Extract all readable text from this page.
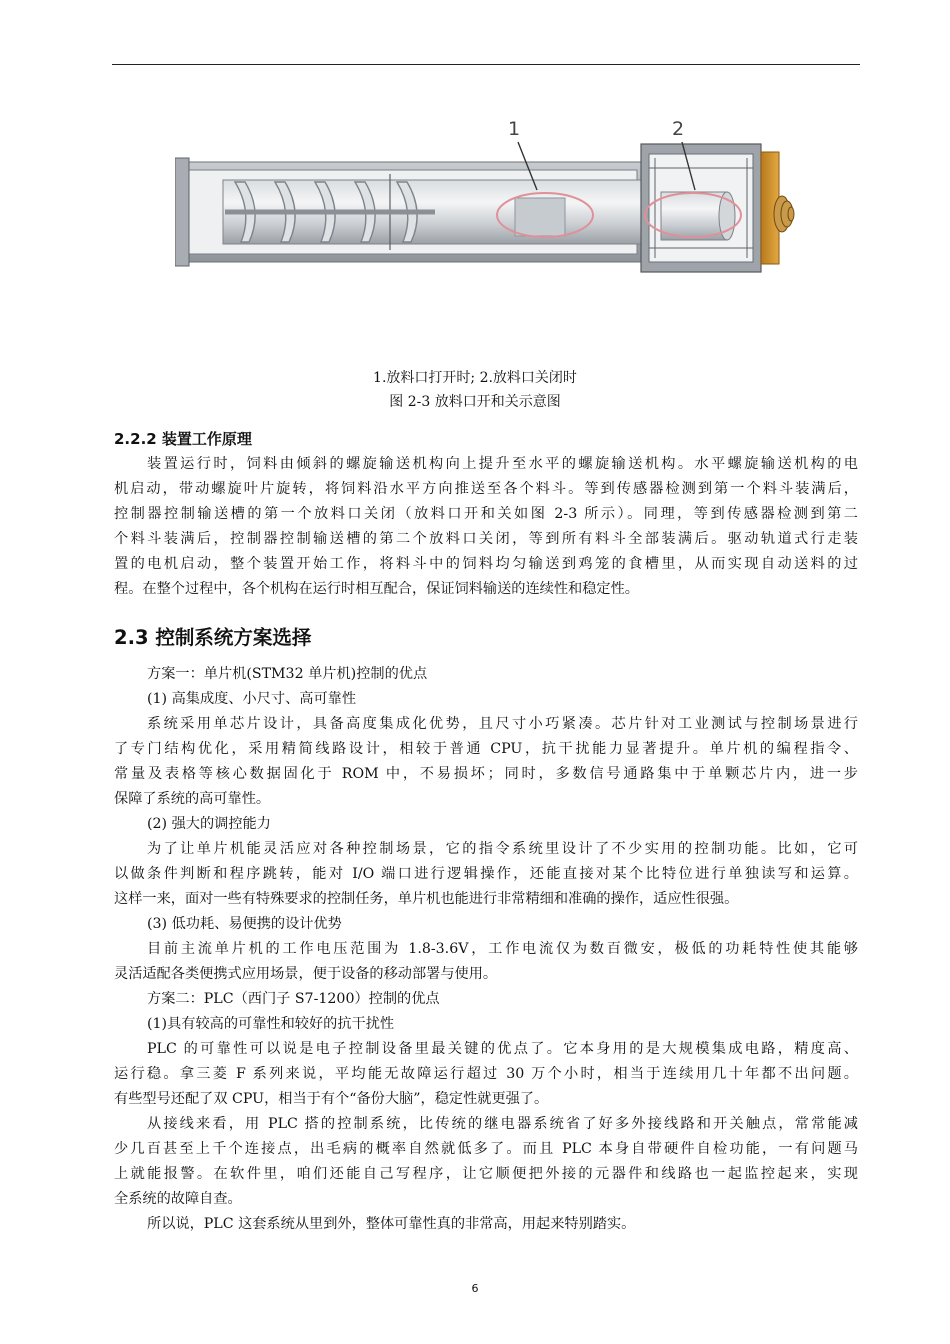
1	2
1.放料口打开时; 2.放料口关闭时
图 2-3 放料口开和关示意图
2.2.2 装置工作原理
装置运行时，饲料由倾斜的螺旋输送机构向上提升至水平的螺旋输送机构。水平螺旋输送机构的电
机启动，带动螺旋叶片旋转，将饲料沿水平方向推送至各个料斗。等到传感器检测到第一个料斗装满后，
控制器控制输送槽的第一个放料口关闭（放料口开和关如图 2-3 所示）。同理，等到传感器检测到第二
个料斗装满后，控制器控制输送槽的第二个放料口关闭，等到所有料斗全部装满后。驱动轨道式行走装
置的电机启动，整个装置开始工作，将料斗中的饲料均匀输送到鸡笼的食槽里，从而实现自动送料的过
程。在整个过程中，各个机构在运行时相互配合，保证饲料输送的连续性和稳定性。
2.3 控制系统方案选择
方案一：单片机(STM32 单片机)控制的优点
(1) 高集成度、小尺寸、高可靠性
系统采用单芯片设计，具备高度集成化优势，且尺寸小巧紧凑。芯片针对工业测试与控制场景进行
了专门结构优化，采用精简线路设计，相较于普通 CPU，抗干扰能力显著提升。单片机的编程指令、
常量及表格等核心数据固化于 ROM 中，不易损坏；同时，多数信号通路集中于单颗芯片内，进一步
保障了系统的高可靠性。
(2) 强大的调控能力
为了让单片机能灵活应对各种控制场景，它的指令系统里设计了不少实用的控制功能。比如，它可
以做条件判断和程序跳转，能对 I/O 端口进行逻辑操作，还能直接对某个比特位进行单独读写和运算。
这样一来，面对一些有特殊要求的控制任务，单片机也能进行非常精细和准确的操作，适应性很强。
(3) 低功耗、易便携的设计优势
目前主流单片机的工作电压范围为 1.8-3.6V，工作电流仅为数百微安，极低的功耗特性使其能够
灵活适配各类便携式应用场景，便于设备的移动部署与使用。
方案二：PLC（西门子 S7-1200）控制的优点
(1)具有较高的可靠性和较好的抗干扰性
PLC 的可靠性可以说是电子控制设备里最关键的优点了。它本身用的是大规模集成电路，精度高、
运行稳。拿三菱 F 系列来说，平均能无故障运行超过 30 万个小时，相当于连续用几十年都不出问题。
有些型号还配了双 CPU，相当于有个“备份大脑”，稳定性就更强了。
从接线来看，用 PLC 搭的控制系统，比传统的继电器系统省了好多外接线路和开关触点，常常能减
少几百甚至上千个连接点，出毛病的概率自然就低多了。而且 PLC 本身自带硬件自检功能，一有问题马
上就能报警。在软件里，咱们还能自己写程序，让它顺便把外接的元器件和线路也一起监控起来，实现
全系统的故障自查。
所以说，PLC 这套系统从里到外，整体可靠性真的非常高，用起来特别踏实。
6
